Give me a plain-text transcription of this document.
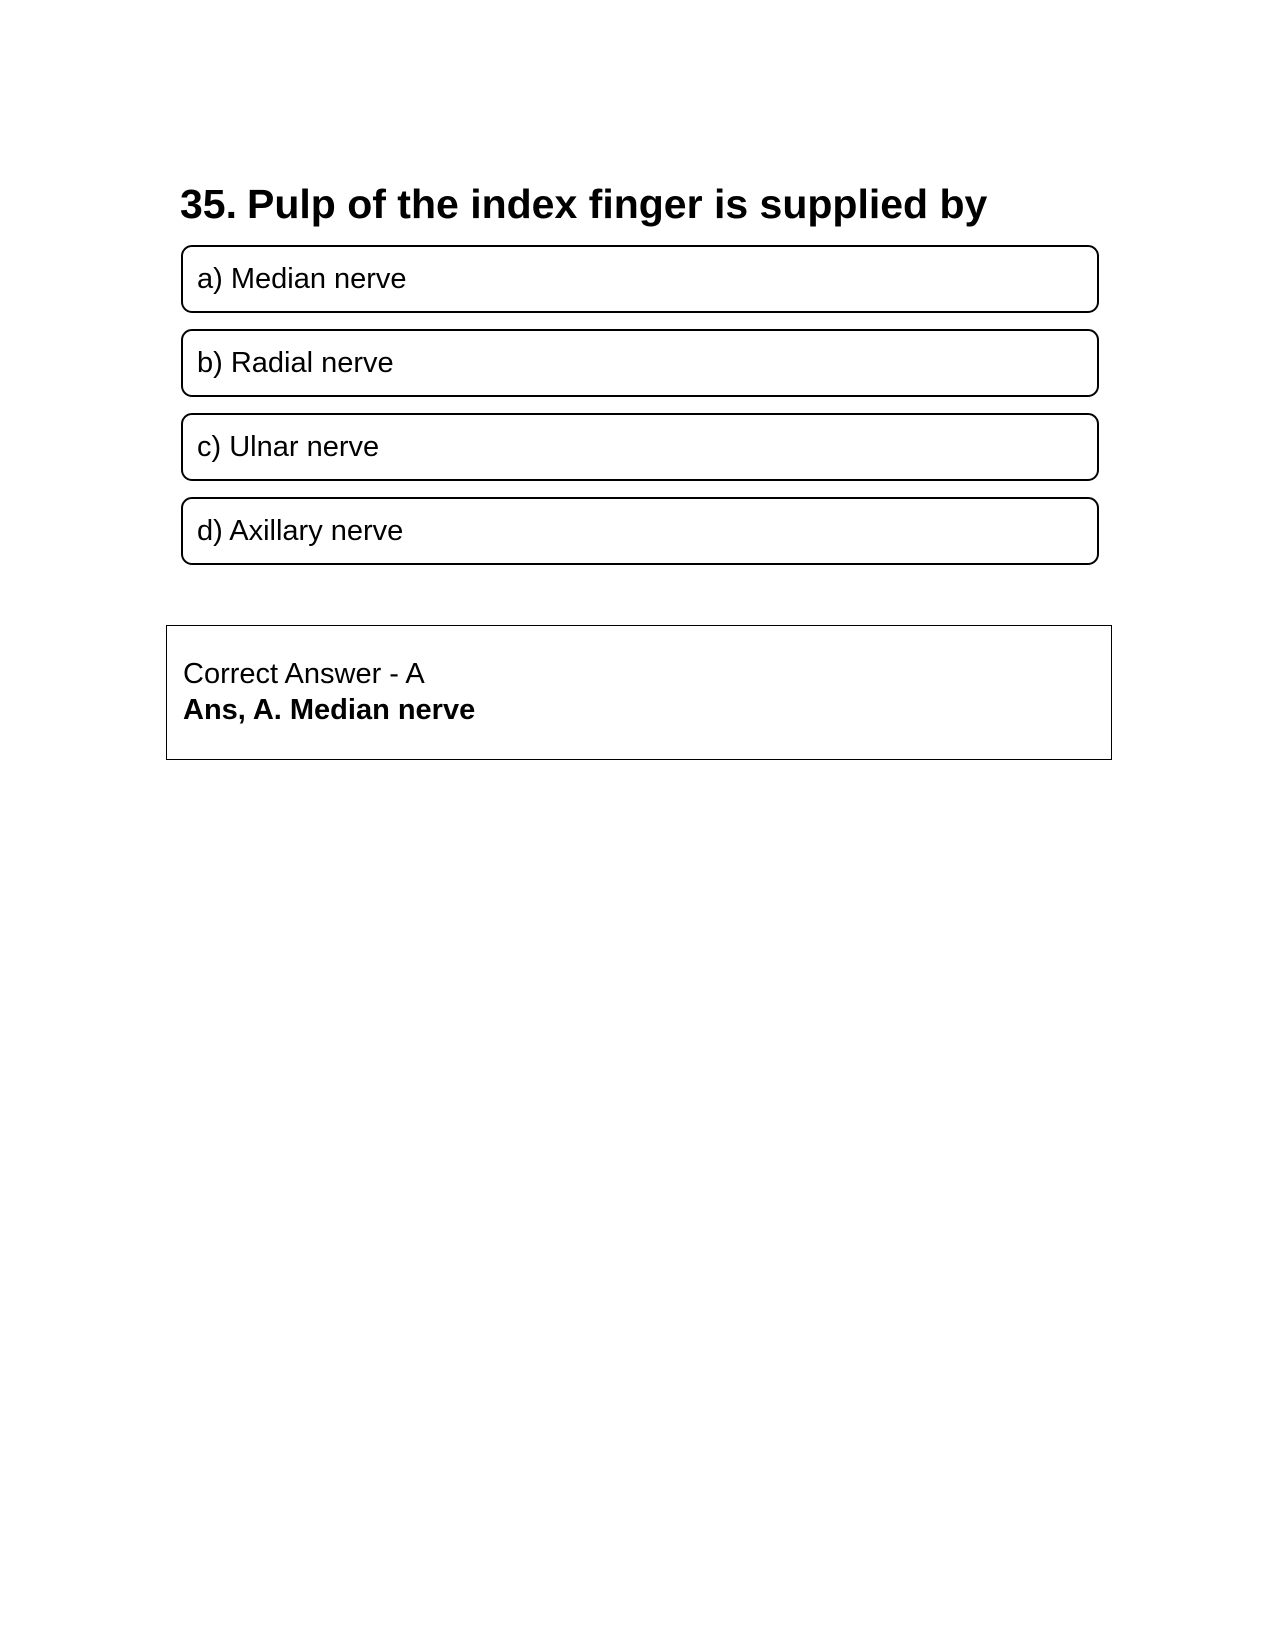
35. Pulp of the index finger is supplied by
a) Median nerve
b) Radial nerve
c) Ulnar nerve
d) Axillary nerve
Correct Answer - A
Ans, A. Median nerve
